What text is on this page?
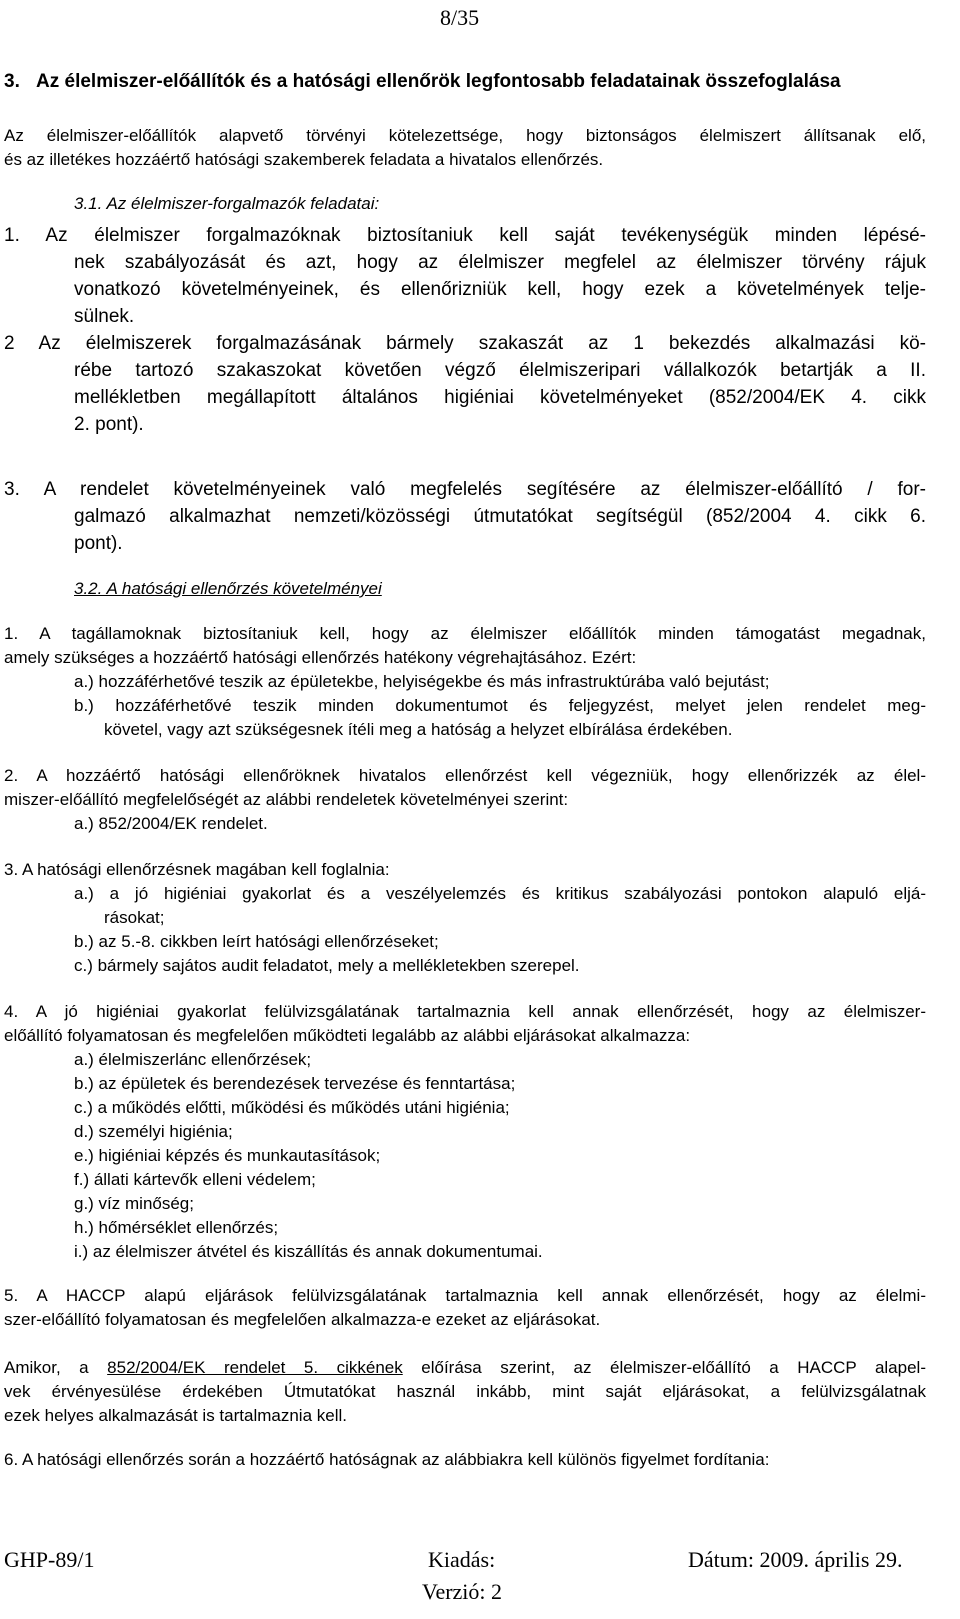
8/35
3. Az élelmiszer-előállítók és a hatósági ellenőrök legfontosabb feladatainak összefoglalása
Az élelmiszer-előállítók alapvető törvényi kötelezettsége, hogy biztonságos élelmiszert állítsanak elő,
és az illetékes hozzáértő hatósági szakemberek feladata a hivatalos ellenőrzés.
3.1. Az élelmiszer-forgalmazók feladatai:
1. Az élelmiszer forgalmazóknak biztosítaniuk kell saját tevékenységük minden lépésé-
nek szabályozását és azt, hogy az élelmiszer megfelel az élelmiszer törvény rájuk
vonatkozó követelményeinek, és ellenőrizniük kell, hogy ezek a követelmények telje-
sülnek.
2 Az élelmiszerek forgalmazásának bármely szakaszát az 1 bekezdés alkalmazási kö-
rébe tartozó szakaszokat követően végző élelmiszeripari vállalkozók betartják a II.
mellékletben megállapított általános higiéniai követelményeket (852/2004/EK 4. cikk
2. pont).
3. A rendelet követelményeinek való megfelelés segítésére az élelmiszer-előállító / for-
galmazó alkalmazhat nemzeti/közösségi útmutatókat segítségül (852/2004 4. cikk 6.
pont).
3.2. A hatósági ellenőrzés követelményei
1. A tagállamoknak biztosítaniuk kell, hogy az élelmiszer előállítók minden támogatást megadnak,
amely szükséges a hozzáértő hatósági ellenőrzés hatékony végrehajtásához. Ezért:
a.) hozzáférhetővé teszik az épületekbe, helyiségekbe és más infrastruktúrába való bejutást;
b.) hozzáférhetővé teszik minden dokumentumot és feljegyzést, melyet jelen rendelet meg-
követel, vagy azt szükségesnek ítéli meg a hatóság a helyzet elbírálása érdekében.
2. A hozzáértő hatósági ellenőröknek hivatalos ellenőrzést kell végezniük, hogy ellenőrizzék az élel-
miszer-előállító megfelelőségét az alábbi rendeletek követelményei szerint:
a.) 852/2004/EK rendelet.
3. A hatósági ellenőrzésnek magában kell foglalnia:
a.) a jó higiéniai gyakorlat és a veszélyelemzés és kritikus szabályozási pontokon alapuló eljá-
rásokat;
b.) az 5.-8. cikkben leírt hatósági ellenőrzéseket;
c.) bármely sajátos audit feladatot, mely a mellékletekben szerepel.
4. A jó higiéniai gyakorlat felülvizsgálatának tartalmaznia kell annak ellenőrzését, hogy az élelmiszer-
előállító folyamatosan és megfelelően működteti legalább az alábbi eljárásokat alkalmazza:
a.) élelmiszerlánc ellenőrzések;
b.) az épületek és berendezések tervezése és fenntartása;
c.) a működés előtti, működési és működés utáni higiénia;
d.) személyi higiénia;
e.) higiéniai képzés és munkautasítások;
f.) állati kártevők elleni védelem;
g.) víz minőség;
h.) hőmérséklet ellenőrzés;
i.) az élelmiszer átvétel és kiszállítás és annak dokumentumai.
5. A HACCP alapú eljárások felülvizsgálatának tartalmaznia kell annak ellenőrzését, hogy az élelmi-
szer-előállító folyamatosan és megfelelően alkalmazza-e ezeket az eljárásokat.
Amikor, a 852/2004/EK rendelet 5. cikkének előírása szerint, az élelmiszer-előállító a HACCP alapel-
vek érvényesülése érdekében Útmutatókat használ inkább, mint saját eljárásokat, a felülvizsgálatnak
ezek helyes alkalmazását is tartalmaznia kell.
6. A hatósági ellenőrzés során a hozzáértő hatóságnak az alábbiakra kell különös figyelmet fordítania:
GHP-89/1	Kiadás:	Dátum: 2009. április 29.
Verzió: 2
